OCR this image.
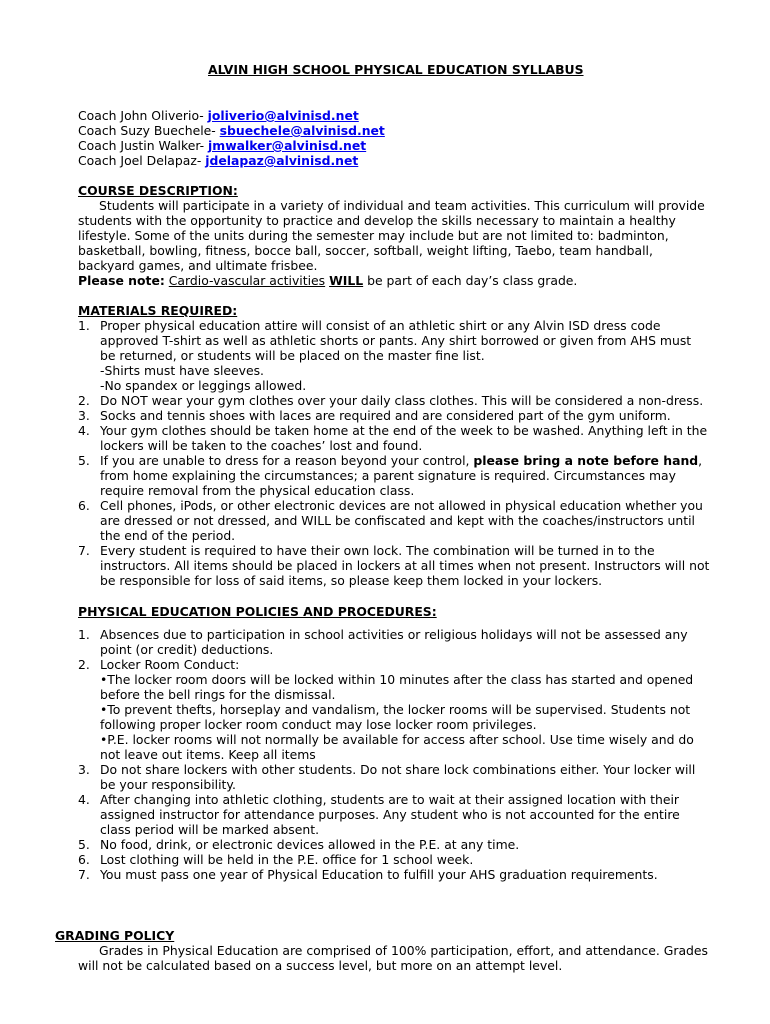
ALVIN HIGH SCHOOL PHYSICAL EDUCATION SYLLABUS
Coach John Oliverio- joliverio@alvinisd.net
Coach Suzy Buechele- sbuechele@alvinisd.net
Coach Justin Walker- jmwalker@alvinisd.net
Coach Joel Delapaz- jdelapaz@alvinisd.net
COURSE DESCRIPTION:
Students will participate in a variety of individual and team activities. This curriculum will provide
students with the opportunity to practice and develop the skills necessary to maintain a healthy
lifestyle. Some of the units during the semester may include but are not limited to: badminton,
basketball, bowling, fitness, bocce ball, soccer, softball, weight lifting, Taebo, team handball,
backyard games, and ultimate frisbee.
Please note: Cardio-vascular activities WILL be part of each day’s class grade.
MATERIALS REQUIRED:
1. Proper physical education attire will consist of an athletic shirt or any Alvin ISD dress code
approved T-shirt as well as athletic shorts or pants. Any shirt borrowed or given from AHS must
be returned, or students will be placed on the master fine list.
-Shirts must have sleeves.
-No spandex or leggings allowed.
2. Do NOT wear your gym clothes over your daily class clothes. This will be considered a non-dress.
3. Socks and tennis shoes with laces are required and are considered part of the gym uniform.
4. Your gym clothes should be taken home at the end of the week to be washed. Anything left in the
lockers will be taken to the coaches’ lost and found.
5. If you are unable to dress for a reason beyond your control, please bring a note before hand,
from home explaining the circumstances; a parent signature is required. Circumstances may
require removal from the physical education class.
6. Cell phones, iPods, or other electronic devices are not allowed in physical education whether you
are dressed or not dressed, and WILL be confiscated and kept with the coaches/instructors until
the end of the period.
7. Every student is required to have their own lock. The combination will be turned in to the
instructors. All items should be placed in lockers at all times when not present. Instructors will not
be responsible for loss of said items, so please keep them locked in your lockers.
PHYSICAL EDUCATION POLICIES AND PROCEDURES:
1. Absences due to participation in school activities or religious holidays will not be assessed any
point (or credit) deductions.
2. Locker Room Conduct:
•The locker room doors will be locked within 10 minutes after the class has started and opened
before the bell rings for the dismissal.
•To prevent thefts, horseplay and vandalism, the locker rooms will be supervised. Students not
following proper locker room conduct may lose locker room privileges.
•P.E. locker rooms will not normally be available for access after school. Use time wisely and do
not leave out items. Keep all items
3. Do not share lockers with other students. Do not share lock combinations either. Your locker will
be your responsibility.
4. After changing into athletic clothing, students are to wait at their assigned location with their
assigned instructor for attendance purposes. Any student who is not accounted for the entire
class period will be marked absent.
5. No food, drink, or electronic devices allowed in the P.E. at any time.
6. Lost clothing will be held in the P.E. office for 1 school week.
7. You must pass one year of Physical Education to fulfill your AHS graduation requirements.
GRADING POLICY
Grades in Physical Education are comprised of 100% participation, effort, and attendance. Grades
will not be calculated based on a success level, but more on an attempt level.
